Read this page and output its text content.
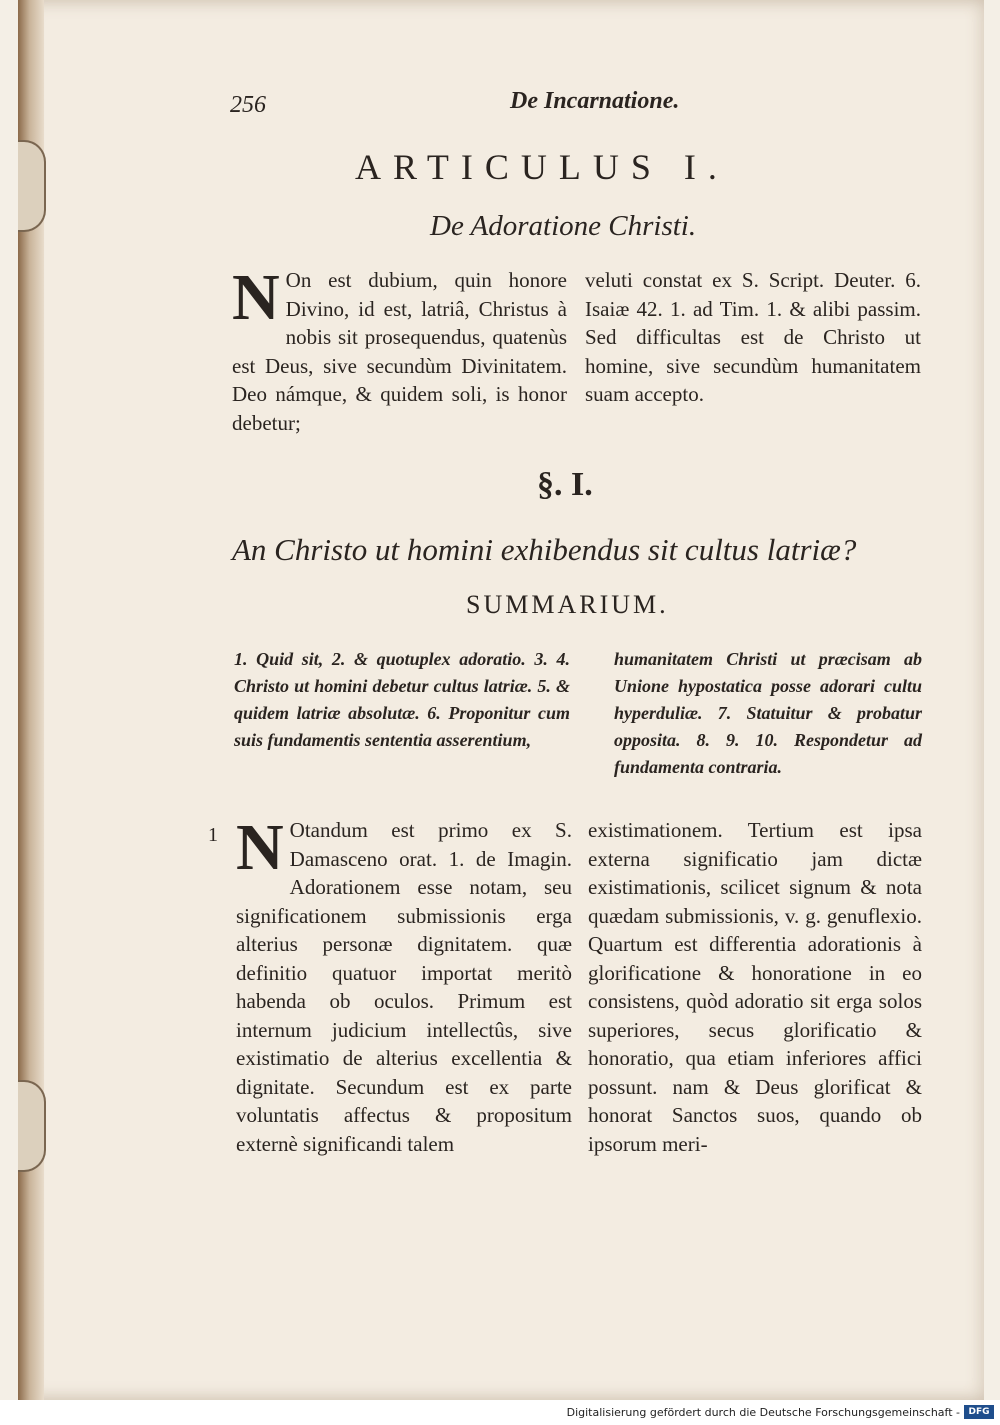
256	De Incarnatione.
ARTICULUS I.
De Adoratione Christi.
N On est dubium, quin honore Divino, id est, latriâ, Christus à nobis sit prosequendus, quatenùs est Deus, sive secundùm Divinitatem. Deo námque, & quidem soli, is honor debetur;
veluti constat ex S. Script. Deuter. 6. Isaiæ 42. 1. ad Tim. 1. & alibi passim. Sed difficultas est de Christo ut homine, sive secundùm humanitatem suam accepto.
§. I.
An Christo ut homini exhibendus sit cultus latriæ?
SUMMARIUM.
1. Quid sit, 2. & quotuplex adoratio. 3. 4. Christo ut homini debetur cultus latriæ. 5. & quidem latriæ absolutæ. 6. Proponitur cum suis fundamentis sententia asserentium,
humanitatem Christi ut præcisam ab Unione hypostatica posse adorari cultu hyperduliæ. 7. Statuitur & probatur opposita. 8. 9. 10. Respondetur ad fundamenta contraria.
1 N Otandum est primo ex S. Damasceno orat. 1. de Imagin. Adorationem esse notam, seu significationem submissionis erga alterius personæ dignitatem. quæ definitio quatuor importat meritò habenda ob oculos. Primum est internum judicium intellectûs, sive existimatio de alterius excellentia & dignitate. Secundum est ex parte voluntatis affectus & propositum externè significandi talem
existimationem. Tertium est ipsa externa significatio jam dictæ existimationis, scilicet signum & nota quædam submissionis, v. g. genuflexio. Quartum est differentia adorationis à glorificatione & honoratione in eo consistens, quòd adoratio sit erga solos superiores, secus glorificatio & honoratio, qua etiam inferiores affici possunt. nam & Deus glorificat & honorat Sanctos suos, quando ob ipsorum meri-
Digitalisierung gefördert durch die Deutsche Forschungsgemeinschaft - DFG
